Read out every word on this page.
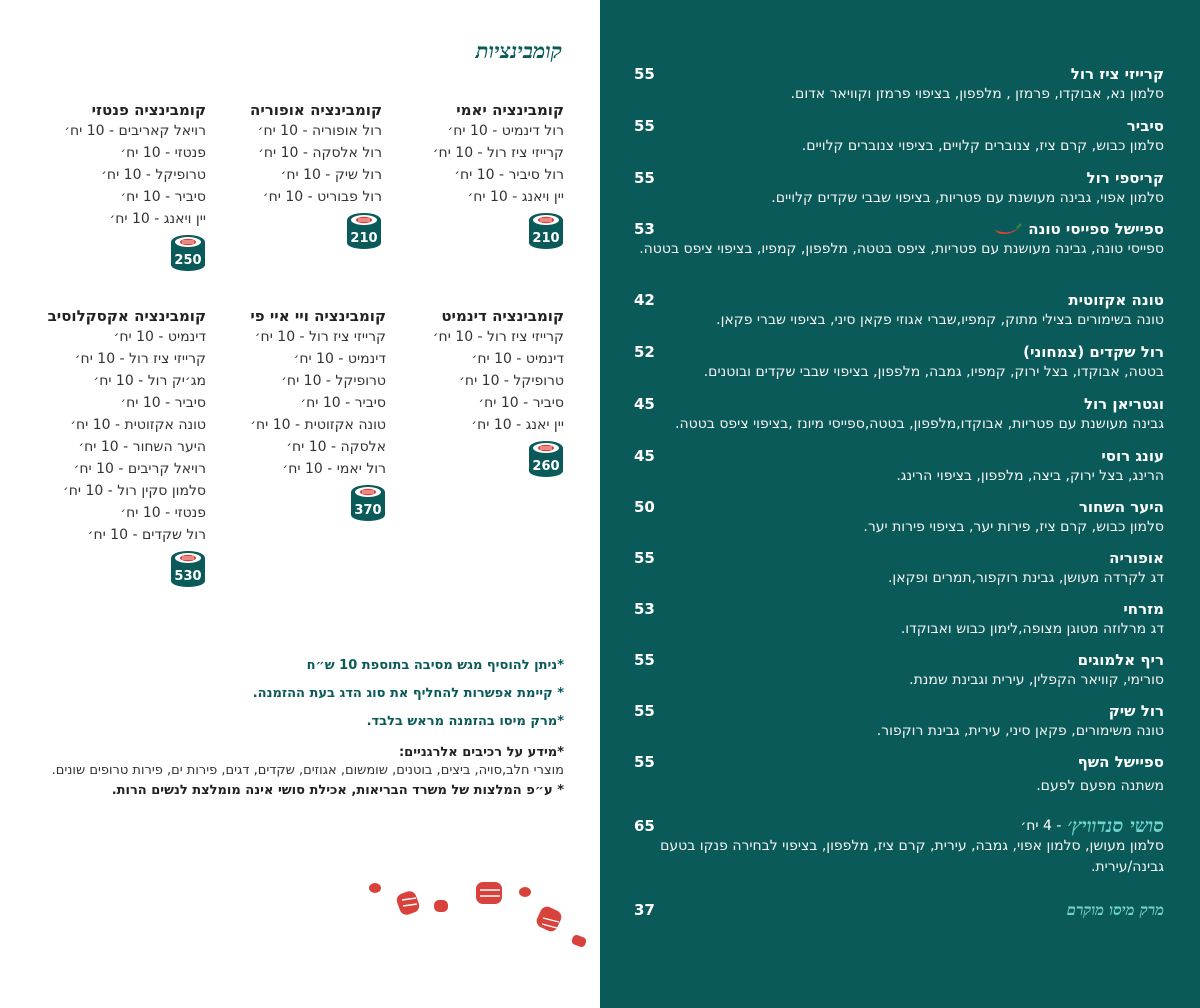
קומבינציות
קומבינציה יאמי
רול דינמיט - 10 יח׳
קרייזי ציז רול - 10 יח׳
רול סיביר - 10 יח׳
יין ויאנג - 10 יח׳
210
קומבינציה אופוריה
רול אופוריה - 10 יח׳
רול אלסקה - 10 יח׳
רול שיק - 10 יח׳
רול פבוריט - 10 יח׳
210
קומבינציה פנטזי
רויאל קאריבים - 10 יח׳
פנטזי - 10 יח׳
טרופיקל - 10 יח׳
סיביר - 10 יח׳
יין ויאנג - 10 יח׳
250
קומבינציה דינמיט
קרייזי ציז רול - 10 יח׳
דינמיט - 10 יח׳
טרופיקל - 10 יח׳
סיביר - 10 יח׳
יין יאנג - 10 יח׳
260
קומבינציה ויי איי פי
קרייזי ציז רול - 10 יח׳
דינמיט - 10 יח׳
טרופיקל - 10 יח׳
סיביר - 10 יח׳
טונה אקזוטית - 10 יח׳
אלסקה - 10 יח׳
רול יאמי - 10 יח׳
370
קומבינציה אקסקלוסיב
דינמיט - 10 יח׳
קרייזי ציז רול - 10 יח׳
מג׳יק רול - 10 יח׳
סיביר - 10 יח׳
טונה אקזוטית - 10 יח׳
היער השחור - 10 יח׳
רויאל קריבים - 10 יח׳
סלמון סקין רול - 10 יח׳
פנטזי - 10 יח׳
רול שקדים - 10 יח׳
530
*ניתן להוסיף מגש מסיבה בתוספת 10 ש״ח
* קיימת אפשרות להחליף את סוג הדג בעת ההזמנה.
*מרק מיסו בהזמנה מראש בלבד.
*מידע על רכיבים אלרגניים:
מוצרי חלב,סויה, ביצים, בוטנים, שומשום, אגוזים, שקדים, דגים, פירות ים, פירות טרופים שונים.
* ע״פ המלצות של משרד הבריאות, אכילת סושי אינה מומלצת לנשים הרות.
קרייזי ציז רול
55
סלמון נא, אבוקדו, פרמזן , מלפפון, בציפוי פרמזן וקוויאר אדום.
סיביר
55
סלמון כבוש, קרם ציז, צנוברים קלויים, בציפוי צנוברים קלויים.
קריספי רול
55
סלמון אפוי, גבינה מעושנת עם פטריות, בציפוי שבבי שקדים קלויים.
ספיישל ספייסי טונה
53
ספייסי טונה, גבינה מעושנת עם פטריות, ציפס בטטה, מלפפון, קמפיו, בציפוי ציפס בטטה.
טונה אקזוטית
42
טונה בשימורים בצילי מתוק, קמפיו,שברי אגוזי פקאן סיני, בציפוי שברי פקאן.
רול שקדים (צמחוני)
52
בטטה, אבוקדו, בצל ירוק, קמפיו, גמבה, מלפפון, בציפוי שבבי שקדים ובוטנים.
וגטריאן רול
45
גבינה מעושנת עם פטריות, אבוקדו,מלפפון, בטטה,ספייסי מיונז ,בציפוי ציפס בטטה.
עונג רוסי
45
הרינג, בצל ירוק, ביצה, מלפפון, בציפוי הרינג.
היער השחור
50
סלמון כבוש, קרם ציז, פירות יער, בציפוי פירות יער.
אופוריה
55
דג לקרדה מעושן, גבינת רוקפור,תמרים ופקאן.
מזרחי
53
דג מרלוזה מטוגן מצופה,לימון כבוש ואבוקדו.
ריף אלמוגים
55
סורימי, קוויאר הקפלין, עירית וגבינת שמנת.
רול שיק
55
טונה משימורים, פקאן סיני, עירית, גבינת רוקפור.
ספיישל השף
55
משתנה מפעם לפעם.
סושי סנדוויץ׳
- 4 יח׳
65
סלמון מעושן, סלמון אפוי, גמבה, עירית, קרם ציז, מלפפון, בציפוי לבחירה פנקו בטעם גבינה/עירית.
מרק מיסו מוקרם
37
